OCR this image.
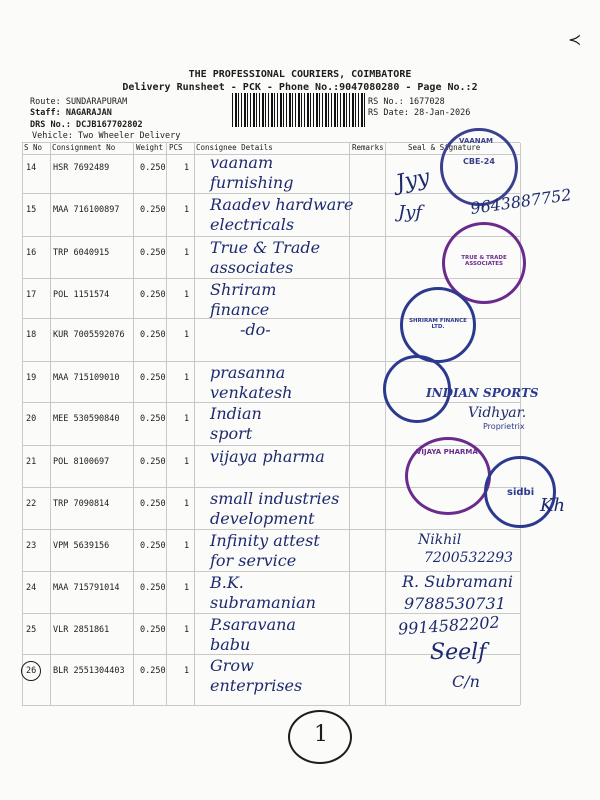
THE PROFESSIONAL COURIERS, COIMBATORE
Delivery Runsheet - PCK - Phone No.:9047080280 - Page No.:2
Route: SUNDARAPURAM
Staff: NAGARAJAN
DRS No.: DCJB167702802
Vehicle: Two Wheeler Delivery
RS No.: 1677028
RS Date: 28-Jan-2026
S No Consignment No	Weight PCS Consignee Details	Remarks	Seal & Signature
14 HSR 7692489	0.250 1 vaanam
furnishing
15 MAA 716100897 0.250 1 Raadev hardware
electricals
16 TRP 6040915	0.250 1 True & Trade
associates
17 POL 1151574	0.250 1 Shriram
finance
18 KUR 7005592076 0.250 1	-do-
19 MAA 715109010 0.250 1 prasanna
venkatesh
20 MEE 530590840 0.250 1 Indian
sport
21 POL 8100697	0.250 1 vijaya pharma
22 TRP 7090814	0.250 1 small industries
development
23 VPM 5639156	0.250 1 Infinity attest
for service
24 MAA 715791014 0.250 1 B.K.
subramanian
25 VLR 2851861	0.250 1 P.saravana
babu
26 BLR 2551304403 0.250 1 Grow
enterprises
VAANAM
CBE-24
Jyy
9643887752
Jyf
TRUE & TRADE ASSOCIATES
SHRIRAM FINANCE LTD.
INDIAN SPORTS
Vidhyar.
Proprietrix
VIJAYA PHARMA
sidbi
Kh
Nikhil
7200532293
R. Subramani
9788530731
9914582202
Seelf
C/n
1
≺
